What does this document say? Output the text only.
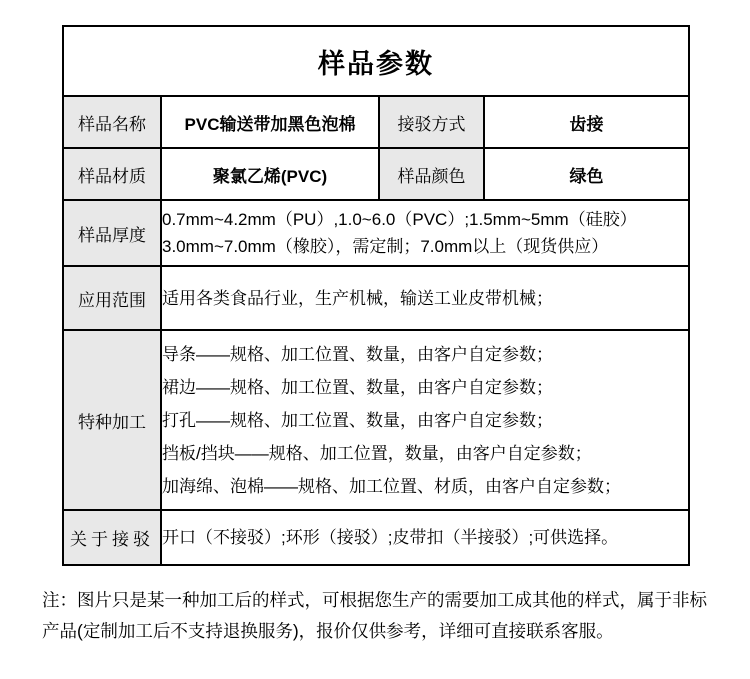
样品参数			
样品名称	PVC输送带加黑色泡棉	接驳方式	齿接
样品材质	聚氯乙烯(PVC)	样品颜色	绿色
样品厚度	0.7mm~4.2mm（PU）,1.0~6.0（PVC）;1.5mm~5mm（硅胶）
3.0mm~7.0mm（橡胶），需定制；7.0mm以上（现货供应）		

应用范围	适用各类食品行业，生产机械，输送工业皮带机械；		
特种加工	导条——规格、加工位置、数量，由客户自定参数；
裙边——规格、加工位置、数量，由客户自定参数；
打孔——规格、加工位置、数量，由客户自定参数；
挡板/挡块——规格、加工位置，数量，由客户自定参数；
加海绵、泡棉——规格、加工位置、材质，由客户自定参数；		

关于接驳	开口（不接驳）;环形（接驳）;皮带扣（半接驳）;可供选择。		
注：图片只是某一种加工后的样式，可根据您生产的需要加工成其他的样式，属于非标产品(定制加工后不支持退换服务)，报价仅供参考，详细可直接联系客服。
